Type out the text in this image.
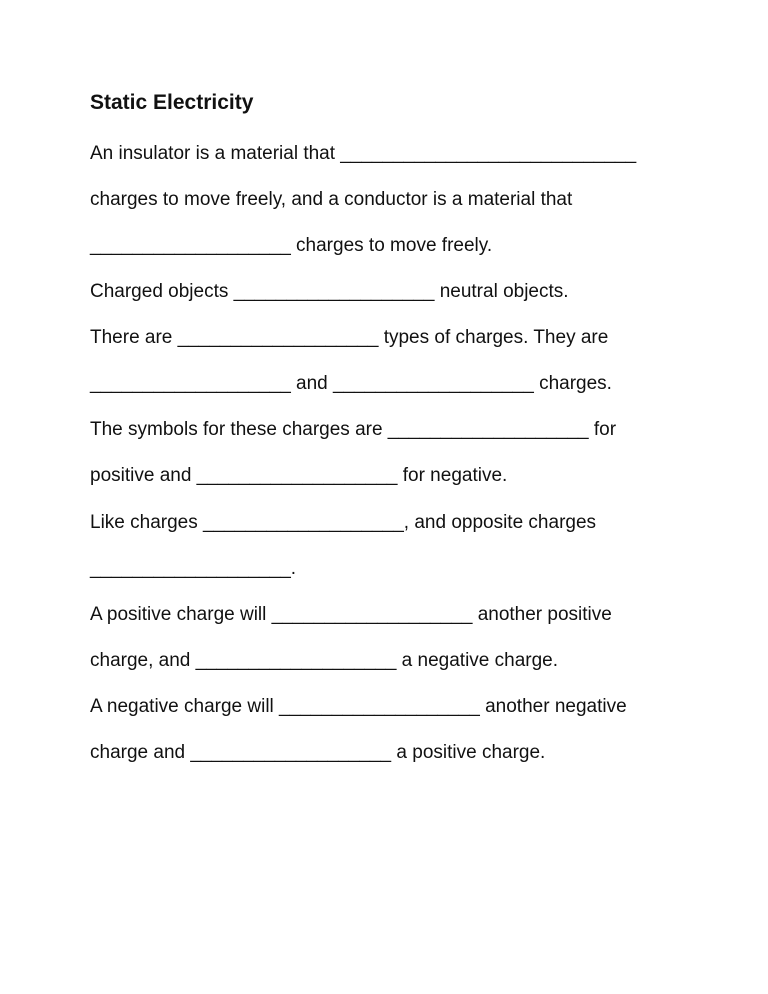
Static Electricity
An insulator is a material that ____________________________
charges to move freely, and a conductor is a material that
___________________ charges to move freely.
Charged objects ___________________ neutral objects.
There are ___________________ types of charges. They are
___________________ and ___________________ charges.
The symbols for these charges are ___________________ for
positive and ___________________ for negative.
Like charges ___________________, and opposite charges
___________________.
A positive charge will ___________________ another positive
charge, and ___________________ a negative charge.
A negative charge will ___________________ another negative
charge and ___________________ a positive charge.
